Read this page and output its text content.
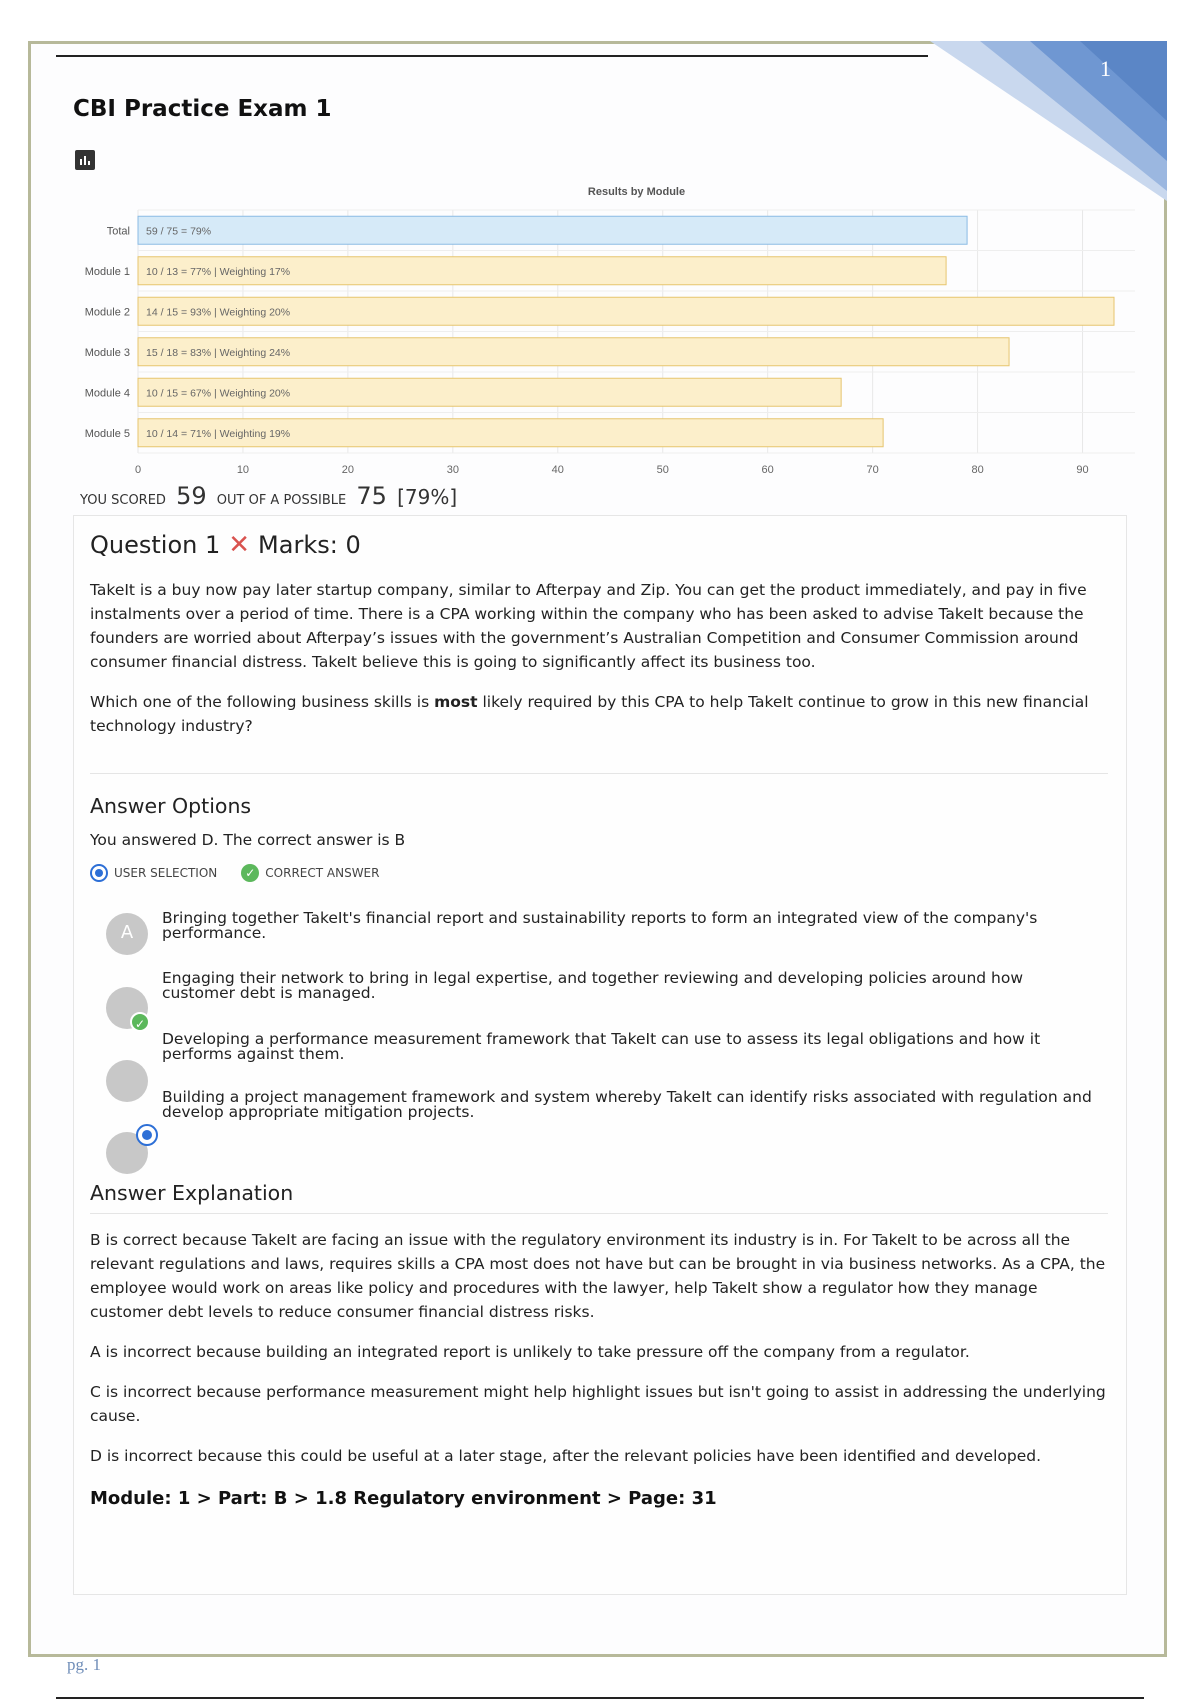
1
CBI Practice Exam 1
Results by Module
0	10	20	30	40	50	60	70	80	90
Total 59 / 75 = 79%
Module 1 10 / 13 = 77% | Weighting 17%
Module 2 14 / 15 = 93% | Weighting 20%
Module 3 15 / 18 = 83% | Weighting 24%
Module 4 10 / 15 = 67% | Weighting 20%
Module 5 10 / 14 = 71% | Weighting 19%
YOU SCORED 59 OUT OF A POSSIBLE 75 [79%]
Question 1 ✕ Marks: 0

TakeIt is a buy now pay later startup company, similar to Afterpay and Zip. You can get the product immediately, and pay in five instalments over a period of time. There is a CPA working within the company who has been asked to advise TakeIt because the founders are worried about Afterpay’s issues with the government’s Australian Competition and Consumer Commission around consumer financial distress. TakeIt believe this is going to significantly affect its business too.

Which one of the following business skills is most likely required by this CPA to help TakeIt continue to grow in this new financial technology industry?

Answer Options
You answered D. The correct answer is B
USER SELECTION	✓ CORRECT ANSWER
A
Bringing together TakeIt's financial report and sustainability reports to form an integrated view of the company's performance.
✓
Engaging their network to bring in legal expertise, and together reviewing and developing policies around how customer debt is managed.
Developing a performance measurement framework that TakeIt can use to assess its legal obligations and how it performs against them.
Building a project management framework and system whereby TakeIt can identify risks associated with regulation and develop appropriate mitigation projects.
Answer Explanation

B is correct because TakeIt are facing an issue with the regulatory environment its industry is in. For TakeIt to be across all the relevant regulations and laws, requires skills a CPA most does not have but can be brought in via business networks. As a CPA, the employee would work on areas like policy and procedures with the lawyer, help TakeIt show a regulator how they manage customer debt levels to reduce consumer financial distress risks.

A is incorrect because building an integrated report is unlikely to take pressure off the company from a regulator.

C is incorrect because performance measurement might help highlight issues but isn't going to assist in addressing the underlying cause.

D is incorrect because this could be useful at a later stage, after the relevant policies have been identified and developed.

Module: 1 > Part: B > 1.8 Regulatory environment > Page: 31
pg. 1
